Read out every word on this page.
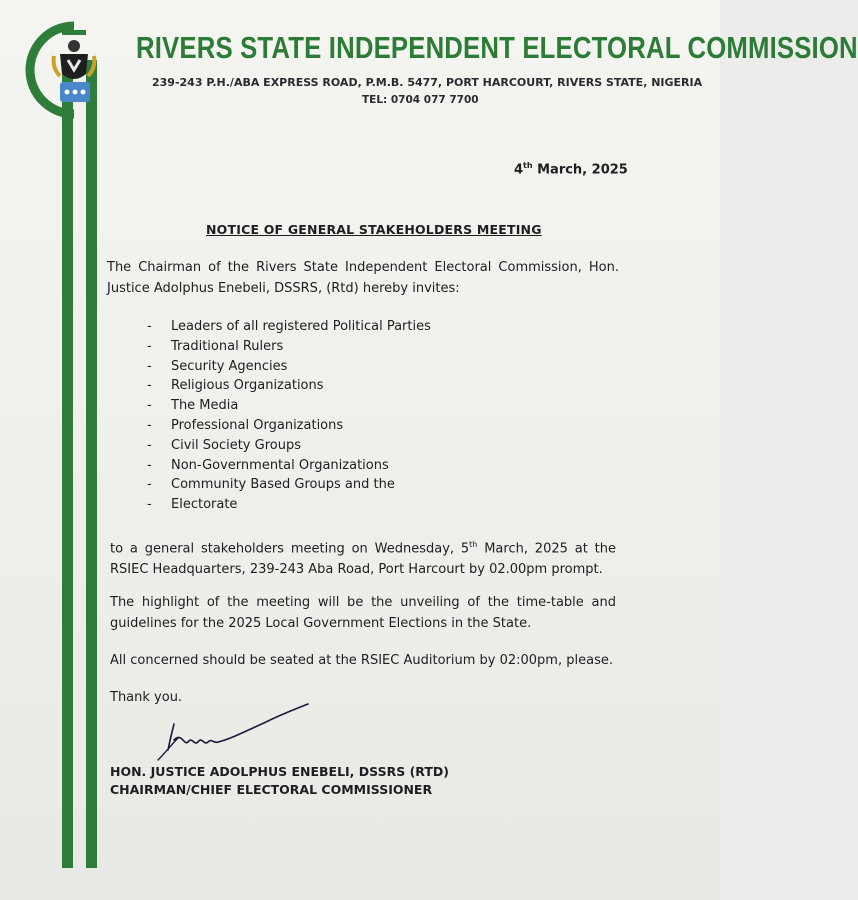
RIVERS STATE INDEPENDENT ELECTORAL COMMISSION
239-243 P.H./ABA EXPRESS ROAD, P.M.B. 5477, PORT HARCOURT, RIVERS STATE, NIGERIA
TEL: 0704 077 7700
4th March, 2025
NOTICE OF GENERAL STAKEHOLDERS MEETING

The Chairman of the Rivers State Independent Electoral Commission, Hon. Justice Adolphus Enebeli, DSSRS, (Rtd) hereby invites:

-	Leaders of all registered Political Parties
-	Traditional Rulers
-	Security Agencies
-	Religious Organizations
-	The Media
-	Professional Organizations
-	Civil Society Groups
-	Non-Governmental Organizations
-	Community Based Groups and the
-	Electorate

to a general stakeholders meeting on Wednesday, 5th March, 2025 at the RSIEC Headquarters, 239-243 Aba Road, Port Harcourt by 02.00pm prompt.

The highlight of the meeting will be the unveiling of the time-table and guidelines for the 2025 Local Government Elections in the State.

All concerned should be seated at the RSIEC Auditorium by 02:00pm, please.

Thank you.

HON. JUSTICE ADOLPHUS ENEBELI, DSSRS (RTD)
CHAIRMAN/CHIEF ELECTORAL COMMISSIONER
